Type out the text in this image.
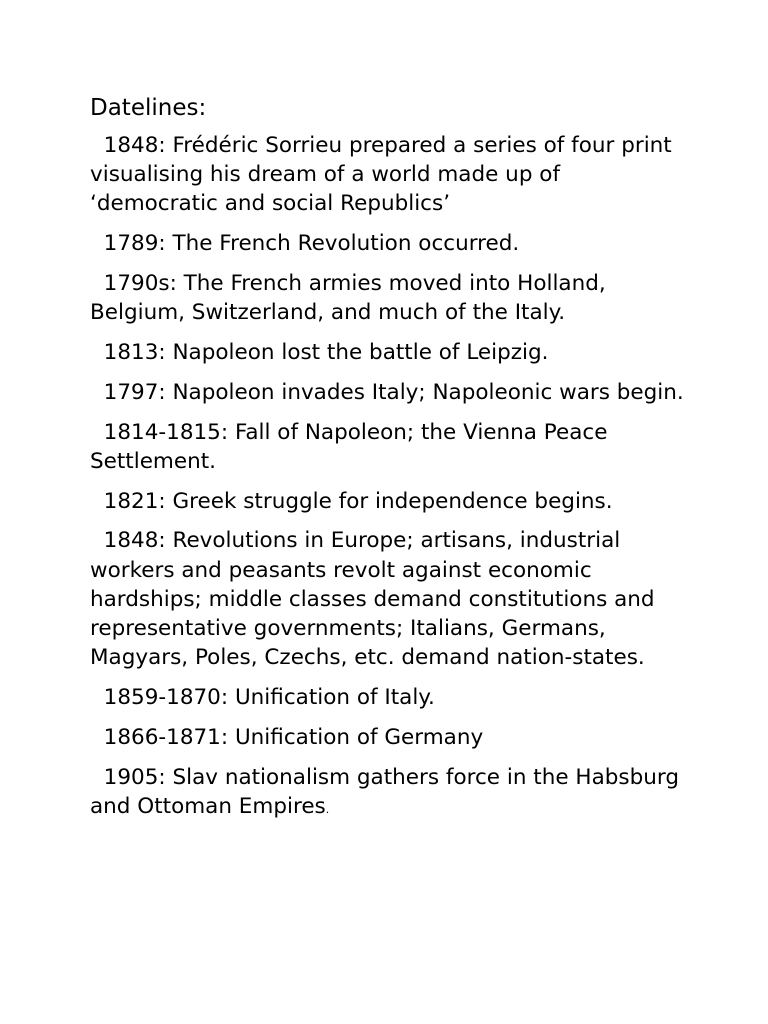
Datelines:
1848: Frédéric Sorrieu prepared a series of four print visualising his dream of a world made up of ‘democratic and social Republics’
1789: The French Revolution occurred.
1790s: The French armies moved into Holland, Belgium, Switzerland, and much of the Italy.
1813: Napoleon lost the battle of Leipzig.
1797: Napoleon invades Italy; Napoleonic wars begin.
1814-1815: Fall of Napoleon; the Vienna Peace Settlement.
1821: Greek struggle for independence begins.
1848: Revolutions in Europe; artisans, industrial workers and peasants revolt against economic hardships; middle classes demand constitutions and representative governments; Italians, Germans, Magyars, Poles, Czechs, etc. demand nation-states.
1859-1870: Unification of Italy.
1866-1871: Unification of Germany
1905: Slav nationalism gathers force in the Habsburg and Ottoman Empires.
